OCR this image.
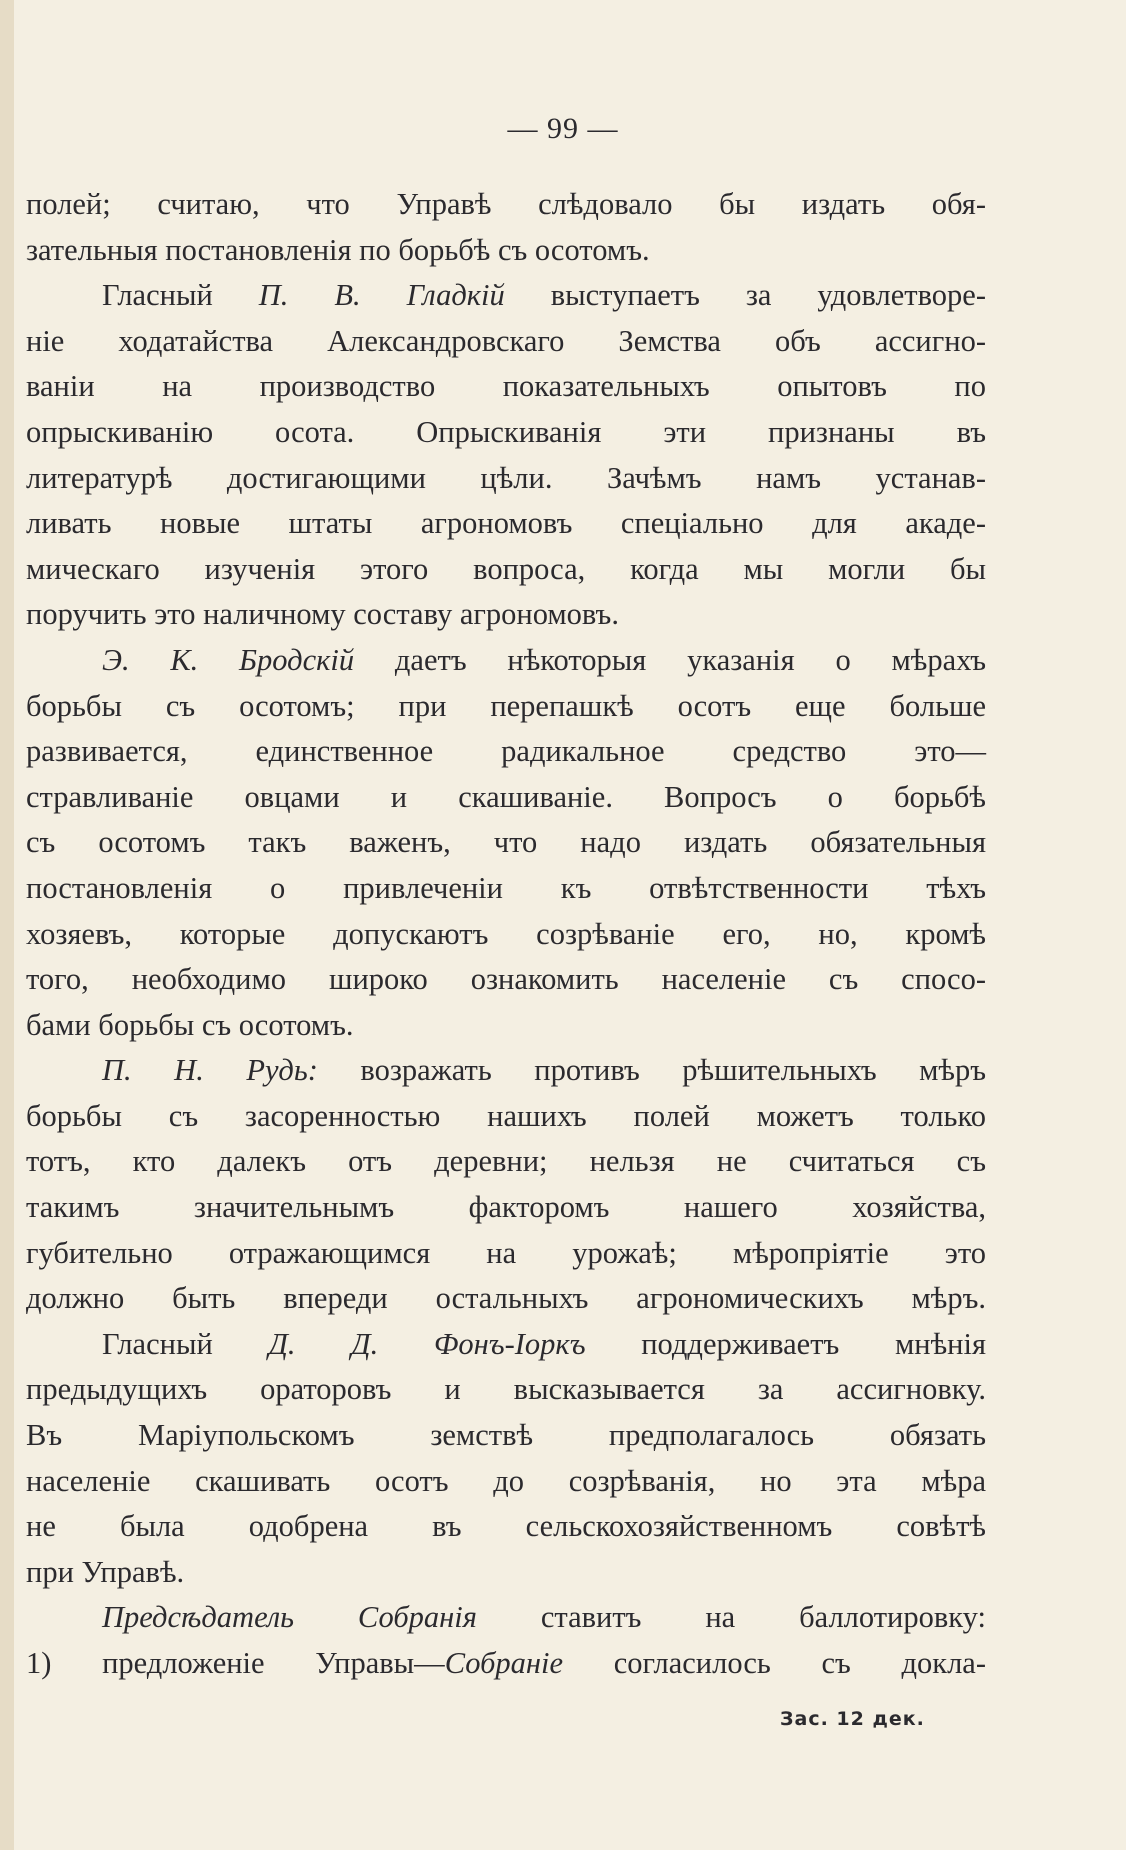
— 99 —
полей; считаю, что Управѣ слѣдовало бы издать обя-
зательныя постановленія по борьбѣ съ осотомъ.
Гласный П. В. Гладкій выступаетъ за удовлетворе-
ніе ходатайства Александровскаго Земства объ ассигно-
ваніи на производство показательныхъ опытовъ по
опрыскиванію осота. Опрыскиванія эти признаны въ
литературѣ достигающими цѣли. Зачѣмъ намъ устанав-
ливать новые штаты агрономовъ спеціально для акаде-
мическаго изученія этого вопроса, когда мы могли бы
поручить это наличному составу агрономовъ.
Э. К. Бродскій даетъ нѣкоторыя указанія о мѣрахъ
борьбы съ осотомъ; при перепашкѣ осотъ еще больше
развивается, единственное радикальное средство это—
стравливаніе овцами и скашиваніе. Вопросъ о борьбѣ
съ осотомъ такъ важенъ, что надо издать обязательныя
постановленія о привлеченіи къ отвѣтственности тѣхъ
хозяевъ, которые допускаютъ созрѣваніе его, но, кромѣ
того, необходимо широко ознакомить населеніе съ спосо-
бами борьбы съ осотомъ.
П. Н. Рудь: возражать противъ рѣшительныхъ мѣръ
борьбы съ засоренностью нашихъ полей можетъ только
тотъ, кто далекъ отъ деревни; нельзя не считаться съ
такимъ значительнымъ факторомъ нашего хозяйства,
губительно отражающимся на урожаѣ; мѣропріятіе это
должно быть впереди остальныхъ агрономическихъ мѣръ.
Гласный Д. Д. Фонъ-Іоркъ поддерживаетъ мнѣнія
предыдущихъ ораторовъ и высказывается за ассигновку.
Въ Маріупольскомъ земствѣ предполагалось обязать
населеніе скашивать осотъ до созрѣванія, но эта мѣра
не была одобрена въ сельскохозяйственномъ совѣтѣ
при Управѣ.
Предсѣдатель Собранія ставитъ на баллотировку:
1) предложеніе Управы—Собраніе согласилось съ докла-
Зас. 12 дек.
